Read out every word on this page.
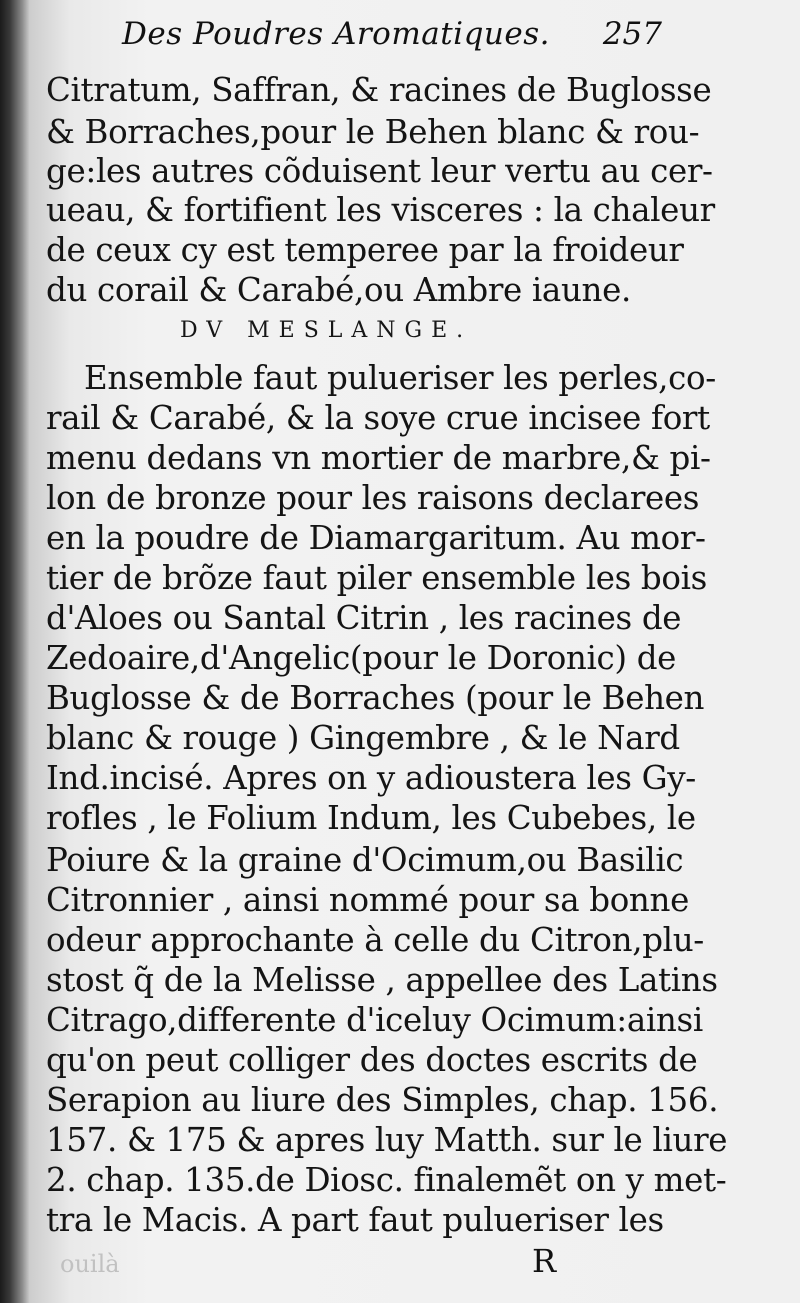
Des Poudres Aromatiques. 257
Citratum, Saffran, & racines de Buglosse
& Borraches,pour le Behen blanc & rou-
ge:les autres cõduisent leur vertu au cer-
ueau, & fortifient les visceres : la chaleur
de ceux cy est temperee par la froideur
du corail & Carabé,ou Ambre iaune.
DV MESLANGE.
Ensemble faut pulueriser les perles,co-
rail & Carabé, & la soye crue incisee fort
menu dedans vn mortier de marbre,& pi-
lon de bronze pour les raisons declarees
en la poudre de Diamargaritum. Au mor-
tier de brõze faut piler ensemble les bois
d'Aloes ou Santal Citrin , les racines de
Zedoaire,d'Angelic(pour le Doronic) de
Buglosse & de Borraches (pour le Behen
blanc & rouge ) Gingembre , & le Nard
Ind.incisé. Apres on y adioustera les Gy-
rofles , le Folium Indum, les Cubebes, le
Poiure & la graine d'Ocimum,ou Basilic
Citronnier , ainsi nommé pour sa bonne
odeur approchante à celle du Citron,plu-
stost q̃ de la Melisse , appellee des Latins
Citrago,differente d'iceluy Ocimum:ainsi
qu'on peut colliger des doctes escrits de
Serapion au liure des Simples, chap. 156.
157. & 175 & apres luy Matth. sur le liure
2. chap. 135.de Diosc. finalemẽt on y met-
tra le Macis. A part faut pulueriser les
ouilà	R
